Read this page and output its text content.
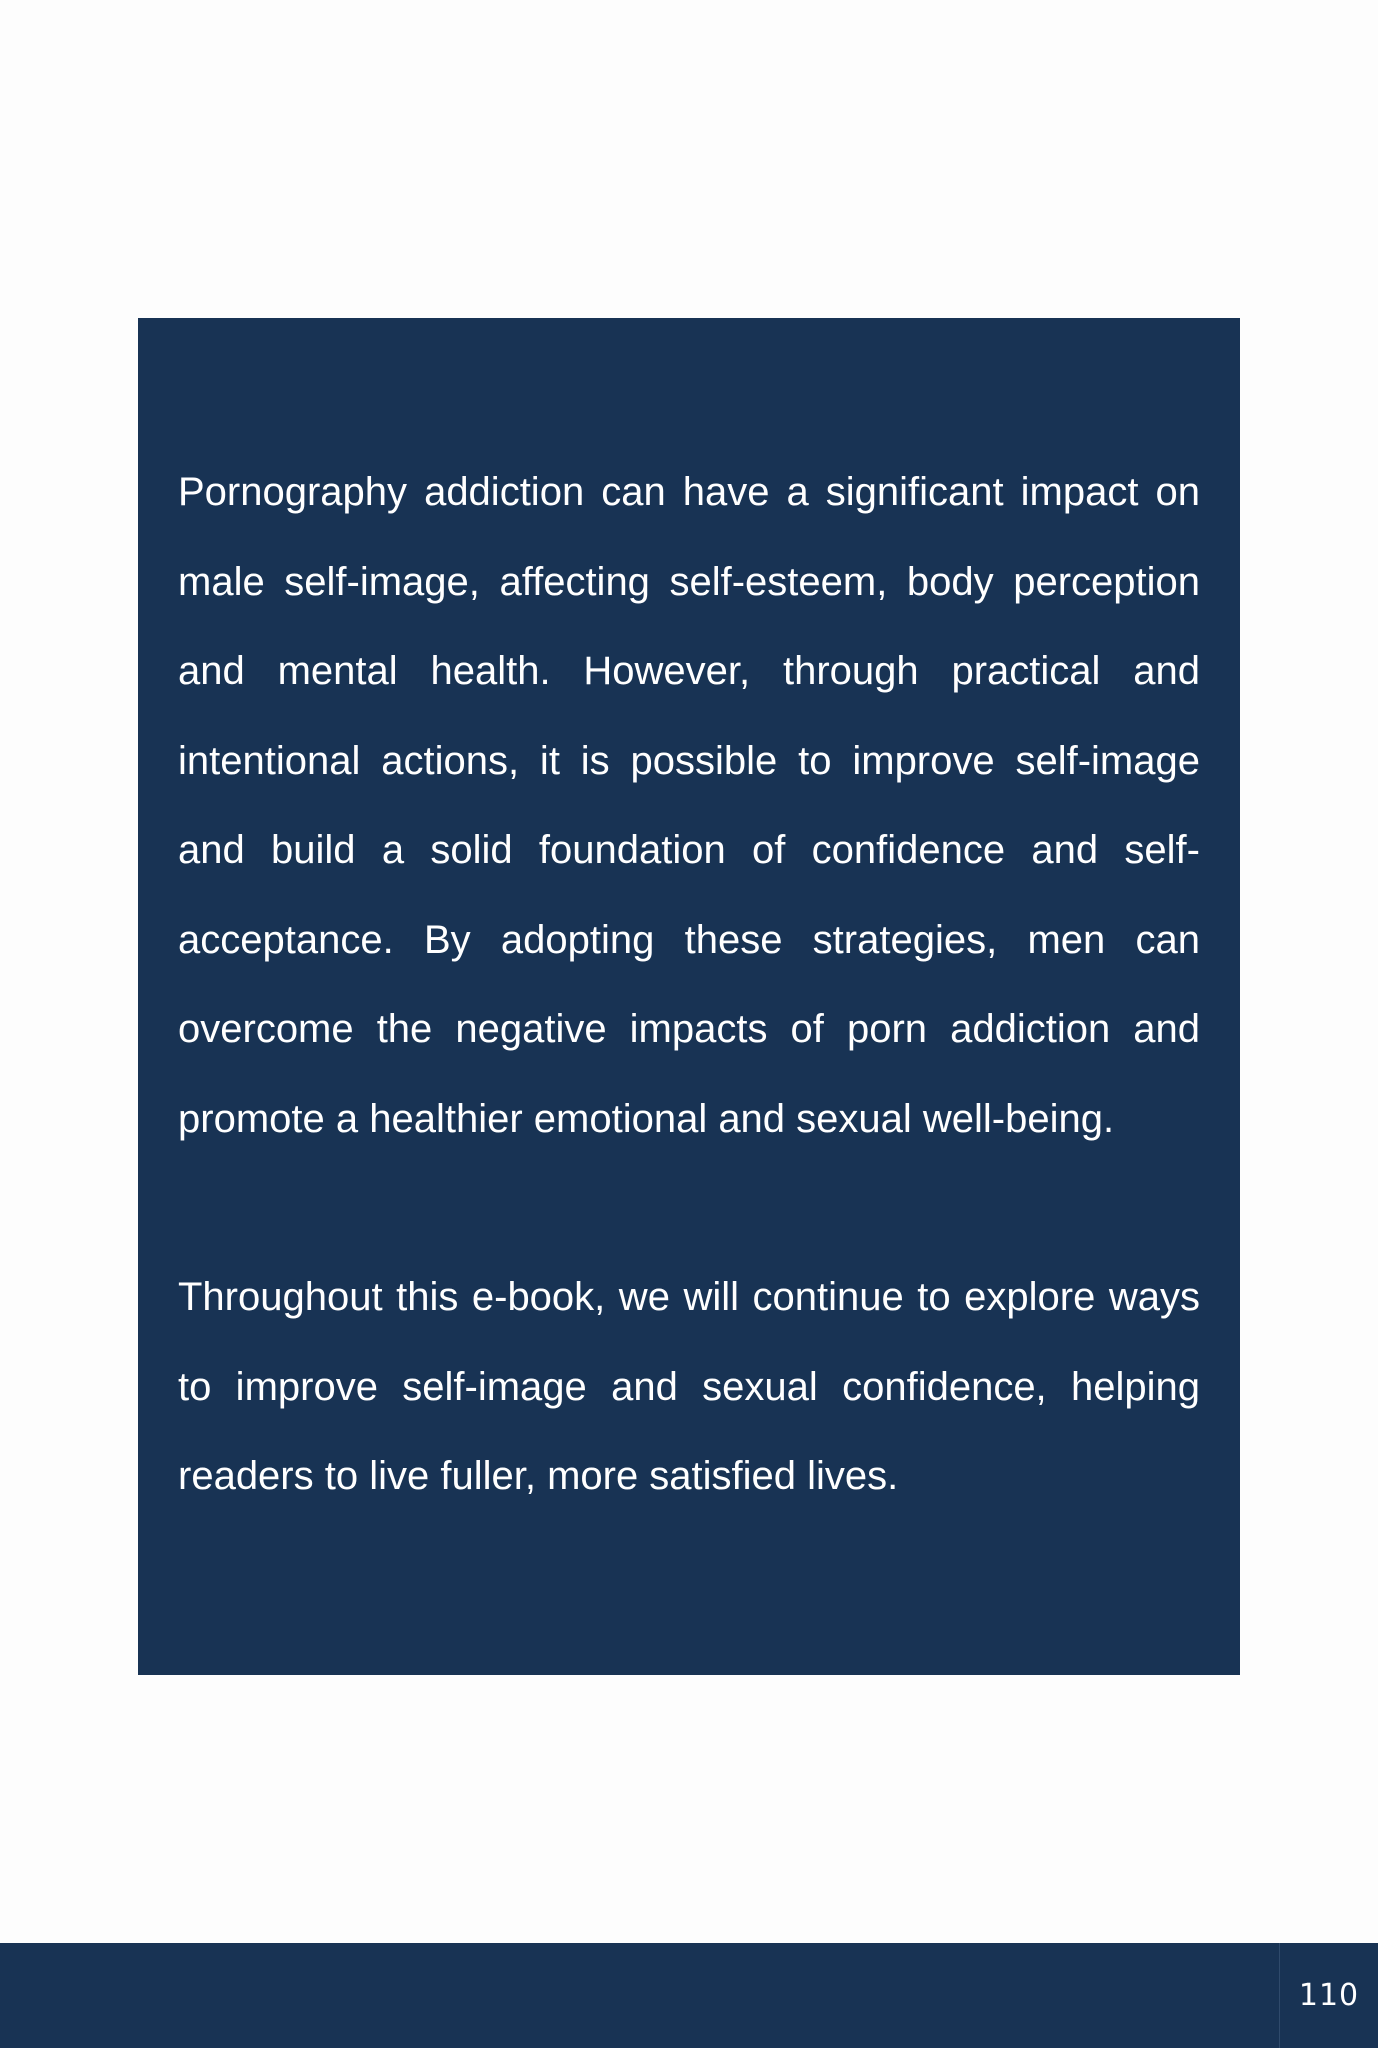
Pornography addiction can have a significant impact on male self-image, affecting self-esteem, body perception and mental health. However, through practical and intentional actions, it is possible to improve self-image and build a solid foundation of confidence and self-acceptance. By adopting these strategies, men can overcome the negative impacts of porn addiction and promote a healthier emotional and sexual well-being.

Throughout this e-book, we will continue to explore ways to improve self-image and sexual confidence, helping readers to live fuller, more satisfied lives.

110
